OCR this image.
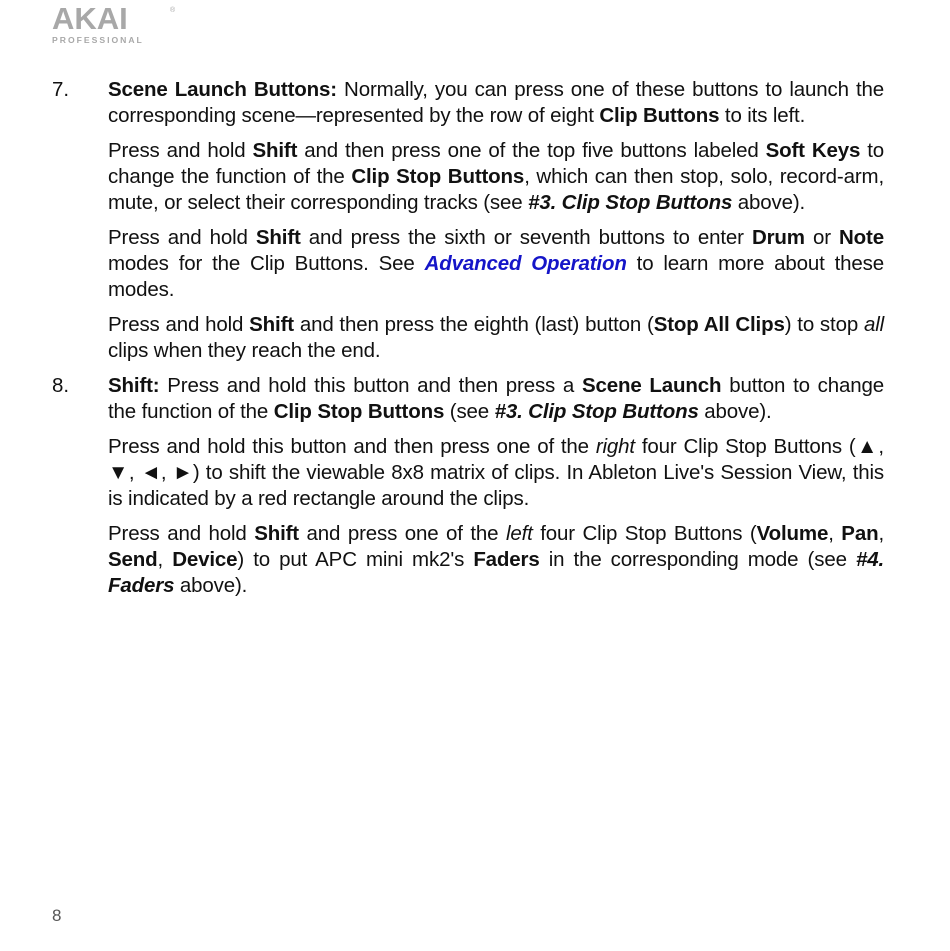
AKAI	®
PROFESSIONAL
7.	Scene Launch Buttons: Normally, you can press one of these buttons to launch the corresponding scene—represented by the row of eight Clip Buttons to its left.

Press and hold Shift and then press one of the top five buttons labeled Soft Keys to change the function of the Clip Stop Buttons, which can then stop, solo, record-arm, mute, or select their corresponding tracks (see #3. Clip Stop Buttons above).

Press and hold Shift and press the sixth or seventh buttons to enter Drum or Note modes for the Clip Buttons. See Advanced Operation to learn more about these modes.

Press and hold Shift and then press the eighth (last) button (Stop All Clips) to stop all clips when they reach the end.

8.	Shift: Press and hold this button and then press a Scene Launch button to change the function of the Clip Stop Buttons (see #3. Clip Stop Buttons above).

Press and hold this button and then press one of the right four Clip Stop Buttons (▲, ▼, ◄, ►) to shift the viewable 8x8 matrix of clips. In Ableton Live's Session View, this is indicated by a red rectangle around the clips.

Press and hold Shift and press one of the left four Clip Stop Buttons (Volume, Pan, Send, Device) to put APC mini mk2's Faders in the corresponding mode (see #4. Faders above).

8
